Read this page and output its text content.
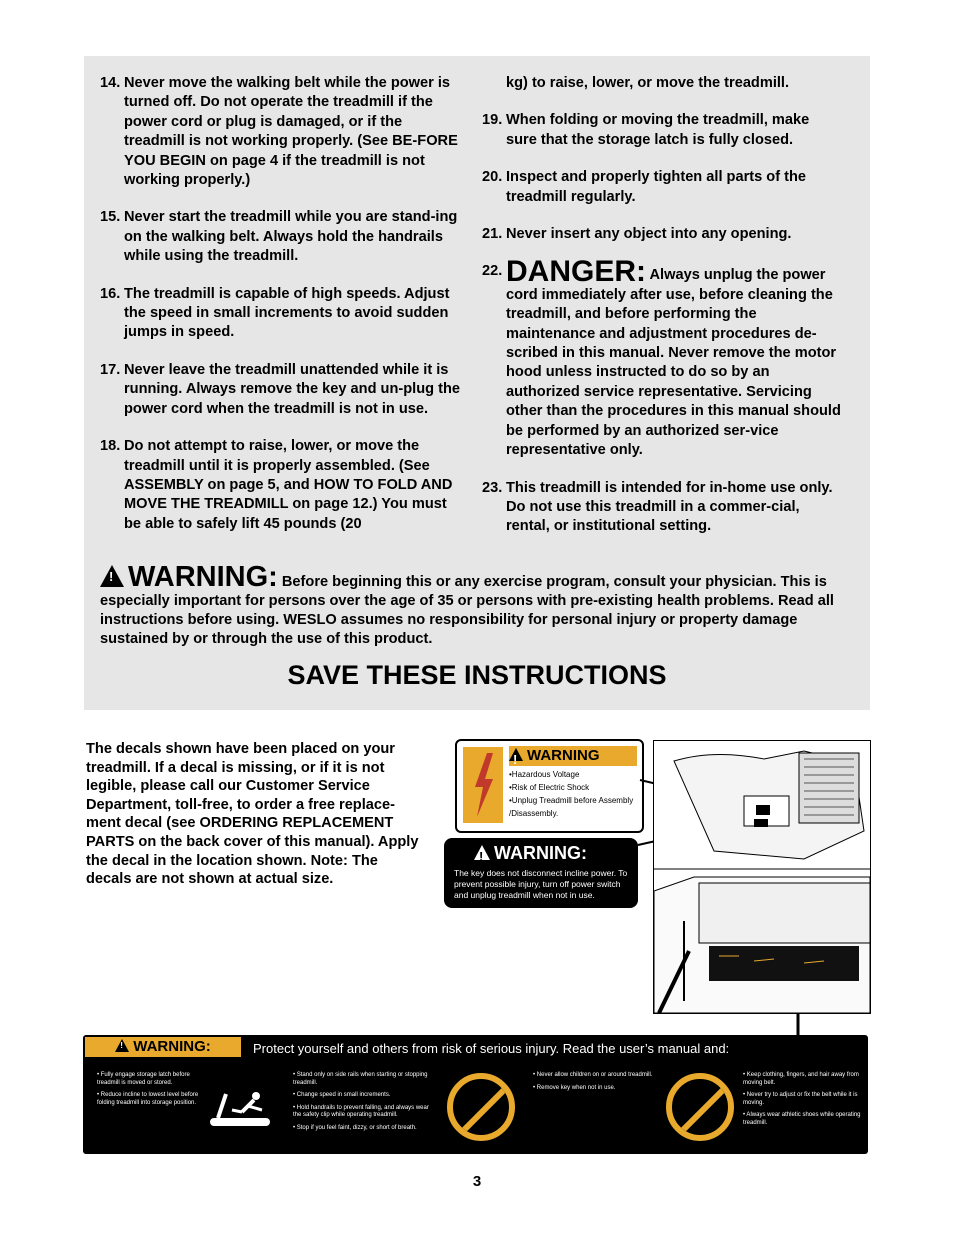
14. Never move the walking belt while the power is turned off. Do not operate the treadmill if the power cord or plug is damaged, or if the treadmill is not working properly. (See BE-FORE YOU BEGIN on page 4 if the treadmill is not working properly.)
15. Never start the treadmill while you are stand-ing on the walking belt. Always hold the handrails while using the treadmill.
16. The treadmill is capable of high speeds. Adjust the speed in small increments to avoid sudden jumps in speed.
17. Never leave the treadmill unattended while it is running. Always remove the key and un-plug the power cord when the treadmill is not in use.
18. Do not attempt to raise, lower, or move the treadmill until it is properly assembled. (See ASSEMBLY on page 5, and HOW TO FOLD AND MOVE THE TREADMILL on page 12.) You must be able to safely lift 45 pounds (20
kg) to raise, lower, or move the treadmill.
19. When folding or moving the treadmill, make sure that the storage latch is fully closed.
20. Inspect and properly tighten all parts of the treadmill regularly.
21. Never insert any object into any opening.
22. DANGER: Always unplug the power cord immediately after use, before cleaning the treadmill, and before performing the maintenance and adjustment procedures de-scribed in this manual. Never remove the motor hood unless instructed to do so by an authorized service representative. Servicing other than the procedures in this manual should be performed by an authorized ser-vice representative only.
23. This treadmill is intended for in-home use only. Do not use this treadmill in a commer-cial, rental, or institutional setting.
!WARNING: Before beginning this or any exercise program, consult your physician. This is especially important for persons over the age of 35 or persons with pre-existing health problems. Read all instructions before using. WESLO assumes no responsibility for personal injury or property damage sustained by or through the use of this product.
SAVE THESE INSTRUCTIONS
The decals shown have been placed on your treadmill. If a decal is missing, or if it is not legible, please call our Customer Service Department, toll-free, to order a free replace-ment decal (see ORDERING REPLACEMENT PARTS on the back cover of this manual). Apply the decal in the location shown. Note: The decals are not shown at actual size.
!WARNING
•Hazardous Voltage
•Risk of Electric Shock
•Unplug Treadmill before Assembly
/Disassembly.
!WARNING:
The key does not disconnect incline power. To prevent possible injury, turn off power switch and unplug treadmill when not in use.
!WARNING:	Protect yourself and others from risk of serious injury. Read the user’s manual and:

• Fully engage storage latch before treadmill is moved or stored.

• Reduce incline to lowest level before folding treadmill into storage position.

• Stand only on side rails when starting or stopping treadmill.

• Change speed in small increments.

• Hold handrails to prevent falling, and always wear the safety clip while operating treadmill.

• Stop if you feel faint, dizzy, or short of breath.

• Never allow children on or around treadmill.

• Remove key when not in use.

• Keep clothing, fingers, and hair away from moving belt.

• Never try to adjust or fix the belt while it is moving.

• Always wear athletic shoes while operating treadmill.

3
